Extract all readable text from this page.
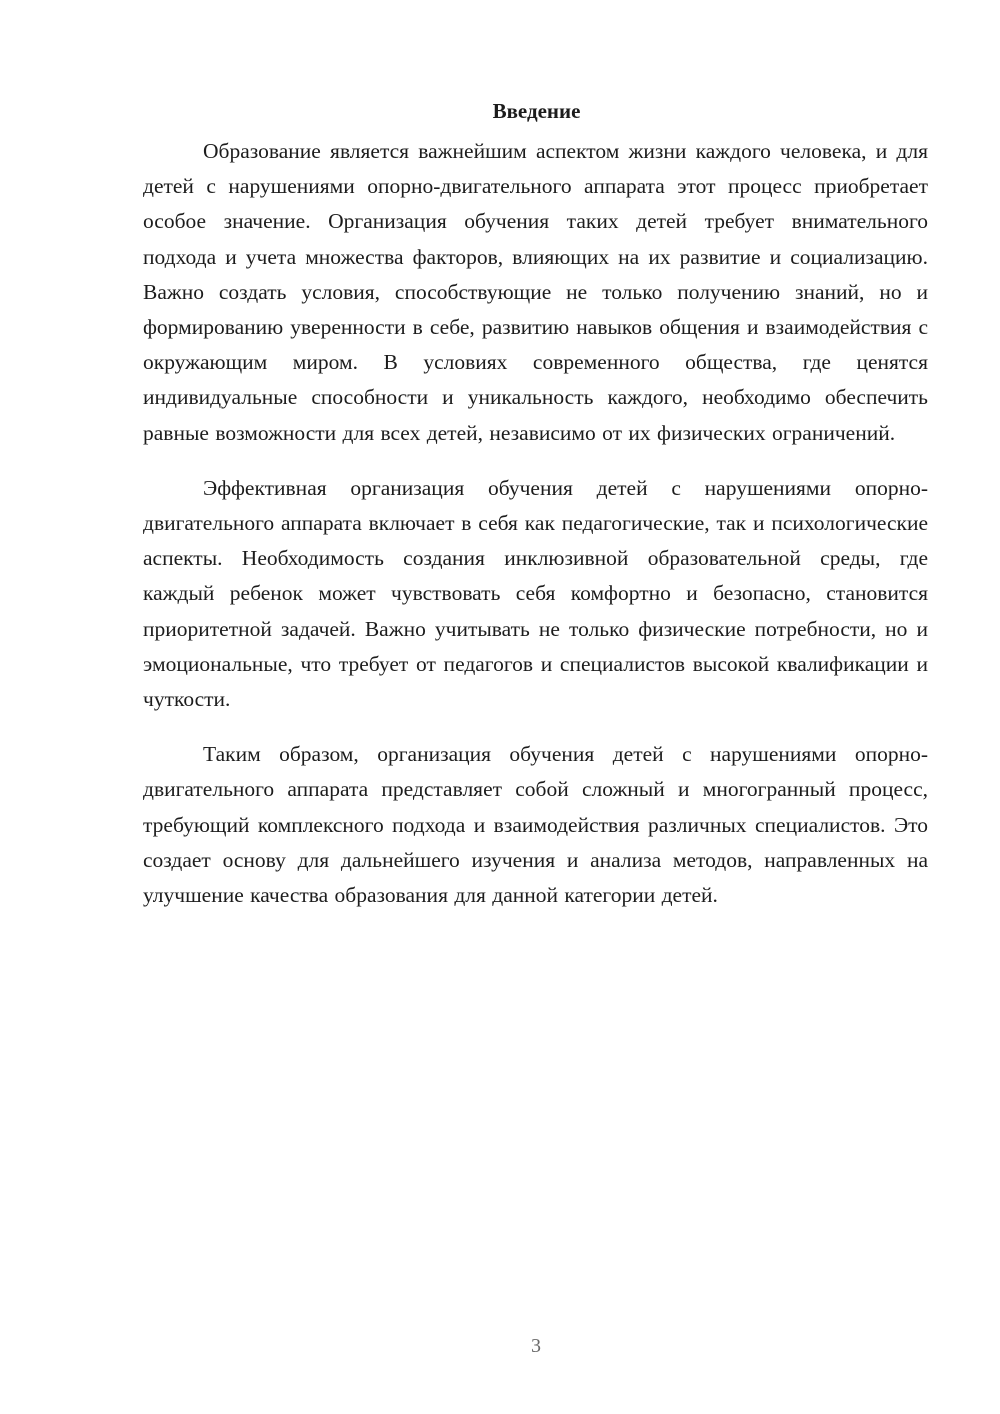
Введение

Образование является важнейшим аспектом жизни каждого человека, и для детей с нарушениями опорно-двигательного аппарата этот процесс приобретает особое значение. Организация обучения таких детей требует внимательного подхода и учета множества факторов, влияющих на их развитие и социализацию. Важно создать условия, способствующие не только получению знаний, но и формированию уверенности в себе, развитию навыков общения и взаимодействия с окружающим миром. В условиях современного общества, где ценятся индивидуальные способности и уникальность каждого, необходимо обеспечить равные возможности для всех детей, независимо от их физических ограничений.

Эффективная организация обучения детей с нарушениями опорно-двигательного аппарата включает в себя как педагогические, так и психологические аспекты. Необходимость создания инклюзивной образовательной среды, где каждый ребенок может чувствовать себя комфортно и безопасно, становится приоритетной задачей. Важно учитывать не только физические потребности, но и эмоциональные, что требует от педагогов и специалистов высокой квалификации и чуткости.

Таким образом, организация обучения детей с нарушениями опорно-двигательного аппарата представляет собой сложный и многогранный процесс, требующий комплексного подхода и взаимодействия различных специалистов. Это создает основу для дальнейшего изучения и анализа методов, направленных на улучшение качества образования для данной категории детей.

3
